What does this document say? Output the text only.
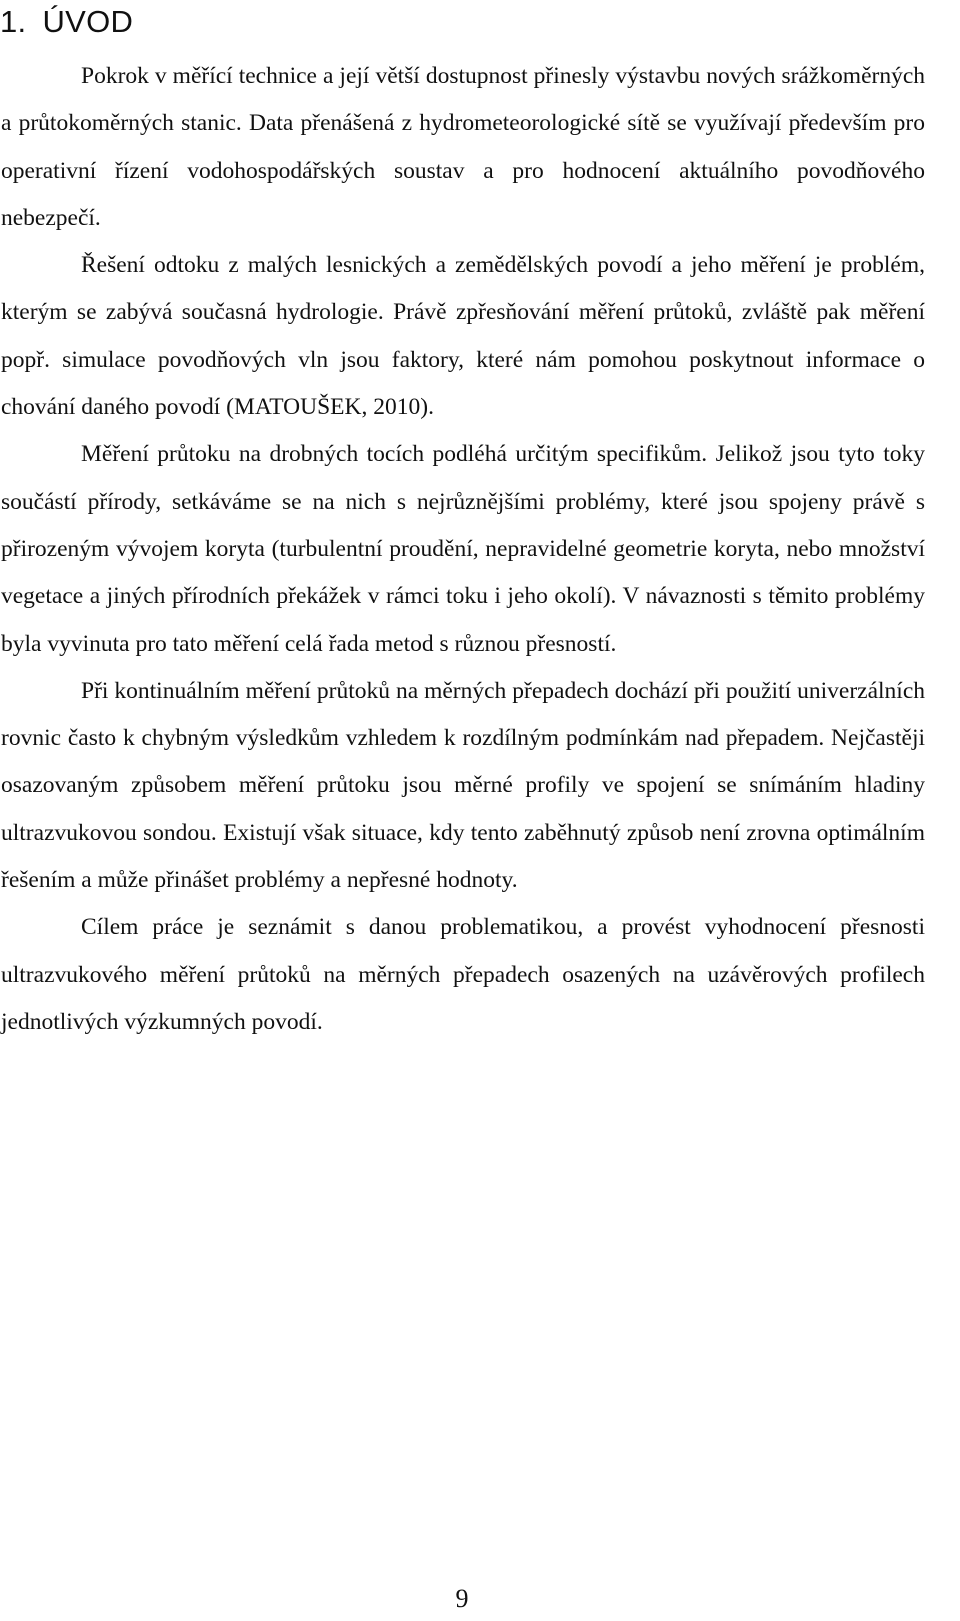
1. ÚVOD

Pokrok v měřící technice a její větší dostupnost přinesly výstavbu nových srážkoměrných a průtokoměrných stanic. Data přenášená z hydrometeorologické sítě se využívají především pro operativní řízení vodohospodářských soustav a pro hodnocení aktuálního povodňového nebezpečí.

Řešení odtoku z malých lesnických a zemědělských povodí a jeho měření je problém, kterým se zabývá současná hydrologie. Právě zpřesňování měření průtoků, zvláště pak měření popř. simulace povodňových vln jsou faktory, které nám pomohou poskytnout informace o chování daného povodí (MATOUŠEK, 2010).

Měření průtoku na drobných tocích podléhá určitým specifikům. Jelikož jsou tyto toky součástí přírody, setkáváme se na nich s nejrůznějšími problémy, které jsou spojeny právě s přirozeným vývojem koryta (turbulentní proudění, nepravidelné geometrie koryta, nebo množství vegetace a jiných přírodních překážek v rámci toku i jeho okolí). V návaznosti s těmito problémy byla vyvinuta pro tato měření celá řada metod s různou přesností.

Při kontinuálním měření průtoků na měrných přepadech dochází při použití univerzálních rovnic často k chybným výsledkům vzhledem k rozdílným podmínkám nad přepadem. Nejčastěji osazovaným způsobem měření průtoku jsou měrné profily ve spojení se snímáním hladiny ultrazvukovou sondou. Existují však situace, kdy tento zaběhnutý způsob není zrovna optimálním řešením a může přinášet problémy a nepřesné hodnoty.

Cílem práce je seznámit s danou problematikou, a provést vyhodnocení přesnosti ultrazvukového měření průtoků na měrných přepadech osazených na uzávěrových profilech jednotlivých výzkumných povodí.

9
